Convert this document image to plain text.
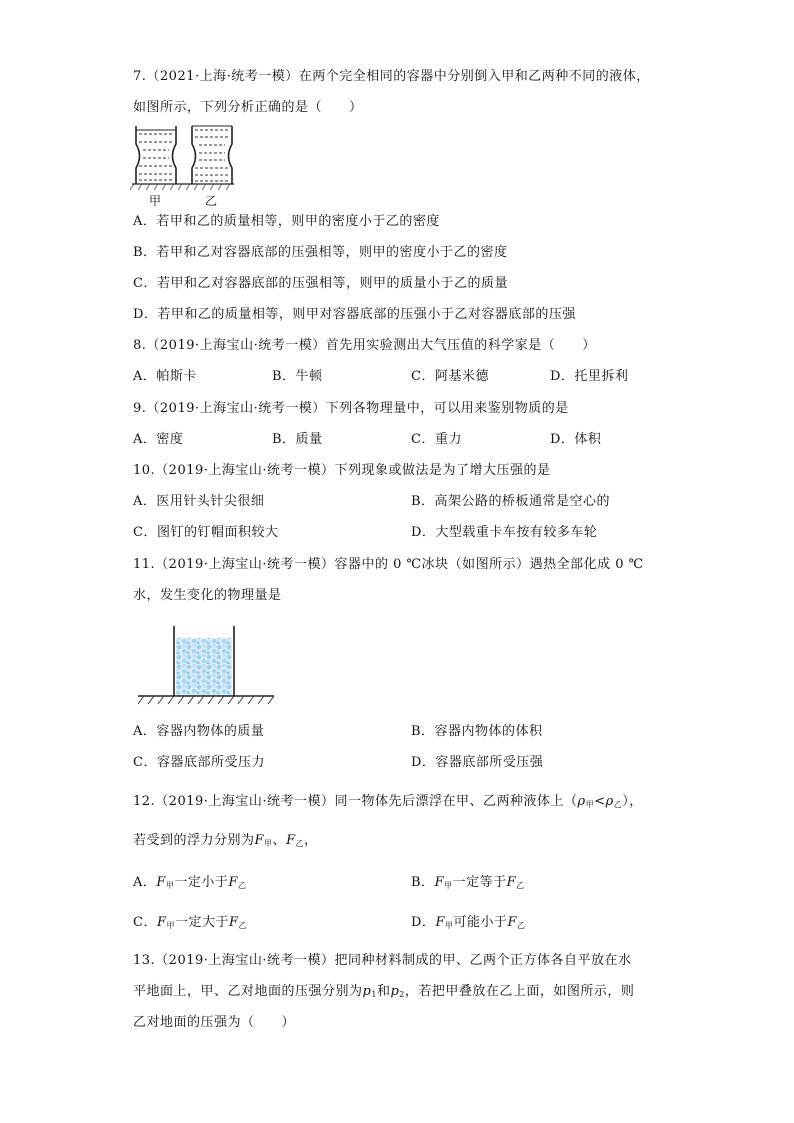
7.（2021·上海·统考一模）在两个完全相同的容器中分别倒入甲和乙两种不同的液体，
如图所示，下列分析正确的是（　　）
甲	乙
A．若甲和乙的质量相等，则甲的密度小于乙的密度
B．若甲和乙对容器底部的压强相等，则甲的密度小于乙的密度
C．若甲和乙对容器底部的压强相等，则甲的质量小于乙的质量
D．若甲和乙的质量相等，则甲对容器底部的压强小于乙对容器底部的压强
8.（2019·上海宝山·统考一模）首先用实验测出大气压值的科学家是（　　）
A．帕斯卡	B．牛顿	C．阿基米德	D．托里拆利
9.（2019·上海宝山·统考一模）下列各物理量中，可以用来鉴别物质的是
A．密度	B．质量	C．重力	D．体积
10.（2019·上海宝山·统考一模）下列现象或做法是为了增大压强的是
A．医用针头针尖很细	B．高架公路的桥板通常是空心的
C．图钉的钉帽面积较大	D．大型载重卡车按有较多车轮
11.（2019·上海宝山·统考一模）容器中的 0 ℃冰块（如图所示）遇热全部化成 0 ℃
水，发生变化的物理量是
A．容器内物体的质量	B．容器内物体的体积
C．容器底部所受压力	D．容器底部所受压强
12.（2019·上海宝山·统考一模）同一物体先后漂浮在甲、乙两种液体上$(\rho_甲<\rho_乙)$，
若受到的浮力分别为$F_甲$、$F_乙$，
A．$F_甲$一定小于$F_乙$	B．$F_甲$一定等于$F_乙$
C．$F_甲$一定大于$F_乙$	D．$F_甲$可能小于$F_乙$
13.（2019·上海宝山·统考一模）把同种材料制成的甲、乙两个正方体各自平放在水
平地面上，甲、乙对地面的压强分别为$p_1$和$p_2$，若把甲叠放在乙上面，如图所示，则
乙对地面的压强为（　　）
